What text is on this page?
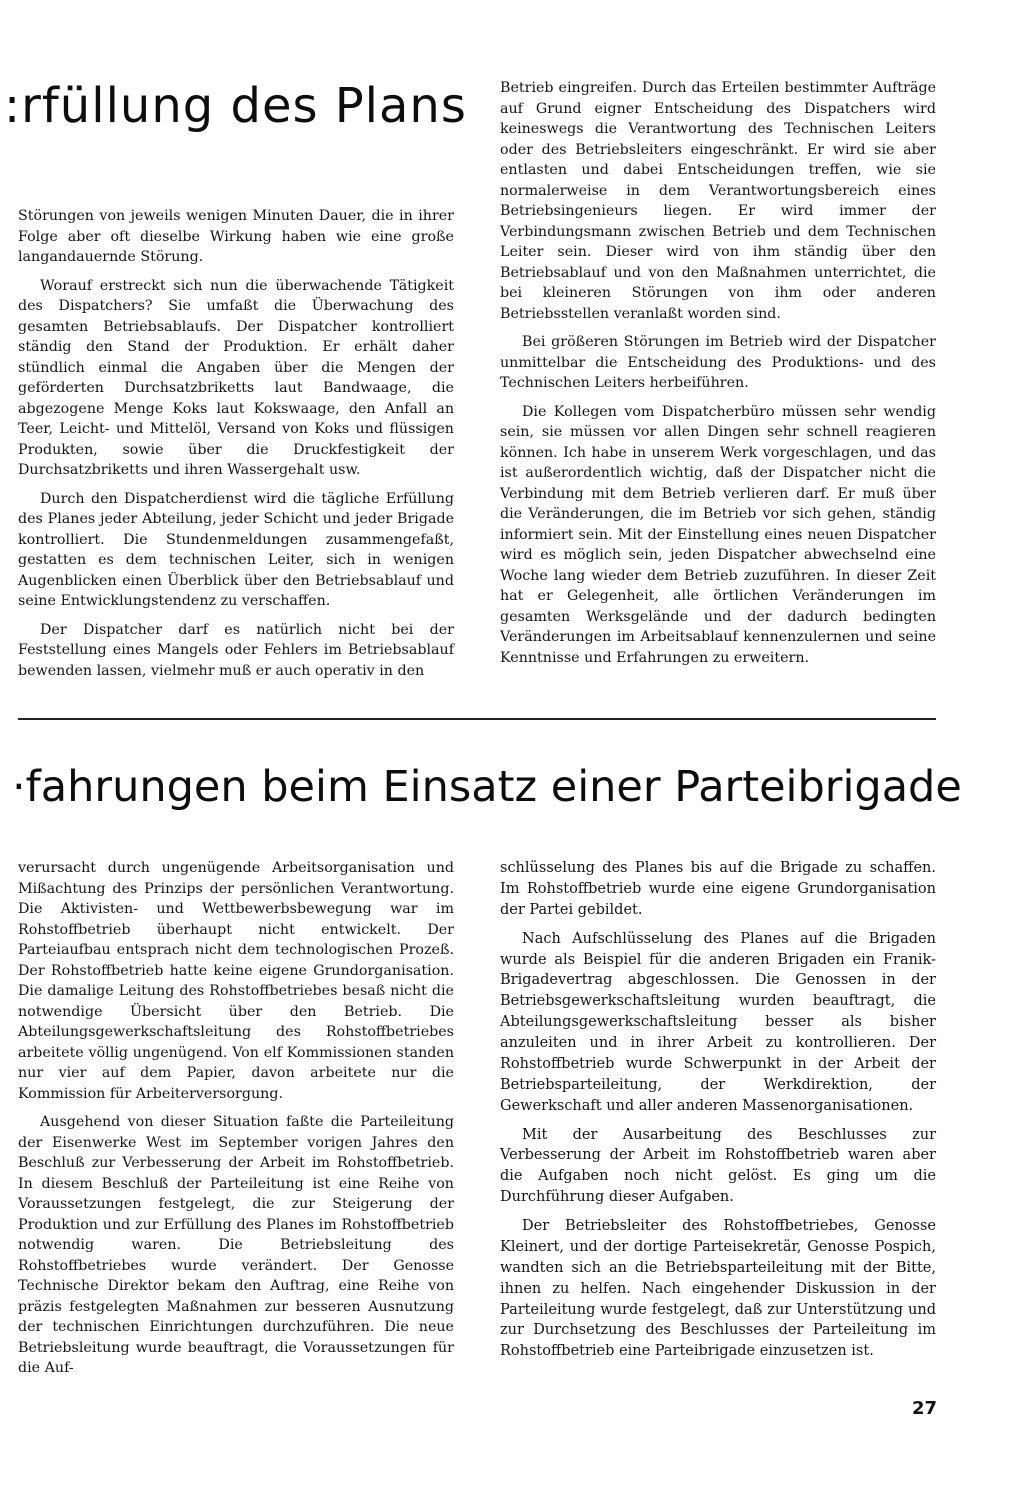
:rfüllung des Plans

Störungen von jeweils wenigen Minuten Dauer, die in ihrer Folge aber oft dieselbe Wirkung haben wie eine große langandauernde Störung.

Worauf erstreckt sich nun die überwachende Tätigkeit des Dispatchers? Sie umfaßt die Überwachung des gesamten Betriebsablaufs. Der Dispatcher kontrolliert ständig den Stand der Produktion. Er erhält daher stündlich einmal die Angaben über die Mengen der geförderten Durchsatzbriketts laut Bandwaage, die abgezogene Menge Koks laut Kokswaage, den Anfall an Teer, Leicht- und Mittelöl, Versand von Koks und flüssigen Produkten, sowie über die Druckfestigkeit der Durchsatzbriketts und ihren Wassergehalt usw.

Durch den Dispatcherdienst wird die tägliche Erfüllung des Planes jeder Abteilung, jeder Schicht und jeder Brigade kontrolliert. Die Stundenmeldungen zusammengefaßt, gestatten es dem technischen Leiter, sich in wenigen Augenblicken einen Überblick über den Betriebsablauf und seine Entwicklungstendenz zu verschaffen.

Der Dispatcher darf es natürlich nicht bei der Feststellung eines Mangels oder Fehlers im Betriebsablauf bewenden lassen, vielmehr muß er auch operativ in den

Betrieb eingreifen. Durch das Erteilen bestimmter Aufträge auf Grund eigner Entscheidung des Dispatchers wird keineswegs die Verantwortung des Technischen Leiters oder des Betriebsleiters eingeschränkt. Er wird sie aber entlasten und dabei Entscheidungen treffen, wie sie normalerweise in dem Verantwortungsbereich eines Betriebsingenieurs liegen. Er wird immer der Verbindungsmann zwischen Betrieb und dem Technischen Leiter sein. Dieser wird von ihm ständig über den Betriebsablauf und von den Maßnahmen unterrichtet, die bei kleineren Störungen von ihm oder anderen Betriebsstellen veranlaßt worden sind.

Bei größeren Störungen im Betrieb wird der Dispatcher unmittelbar die Entscheidung des Produktions- und des Technischen Leiters herbeiführen.

Die Kollegen vom Dispatcherbüro müssen sehr wendig sein, sie müssen vor allen Dingen sehr schnell reagieren können. Ich habe in unserem Werk vorgeschlagen, und das ist außerordentlich wichtig, daß der Dispatcher nicht die Verbindung mit dem Betrieb verlieren darf. Er muß über die Veränderungen, die im Betrieb vor sich gehen, ständig informiert sein. Mit der Einstellung eines neuen Dispatcher wird es möglich sein, jeden Dispatcher abwechselnd eine Woche lang wieder dem Betrieb zuzuführen. In dieser Zeit hat er Gelegenheit, alle örtlichen Veränderungen im gesamten Werksgelände und der dadurch bedingten Veränderungen im Arbeitsablauf kennenzulernen und seine Kenntnisse und Erfahrungen zu erweitern.

·fahrungen beim Einsatz einer Parteibrigade

verursacht durch ungenügende Arbeitsorganisation und Mißachtung des Prinzips der persönlichen Verantwortung. Die Aktivisten- und Wettbewerbsbewegung war im Rohstoffbetrieb überhaupt nicht entwickelt. Der Parteiaufbau entsprach nicht dem technologischen Prozeß. Der Rohstoffbetrieb hatte keine eigene Grundorganisation. Die damalige Leitung des Rohstoffbetriebes besaß nicht die notwendige Übersicht über den Betrieb. Die Abteilungsgewerkschaftsleitung des Rohstoffbetriebes arbeitete völlig ungenügend. Von elf Kommissionen standen nur vier auf dem Papier, davon arbeitete nur die Kommission für Arbeiterversorgung.

Ausgehend von dieser Situation faßte die Parteileitung der Eisenwerke West im September vorigen Jahres den Beschluß zur Verbesserung der Arbeit im Rohstoffbetrieb. In diesem Beschluß der Parteileitung ist eine Reihe von Voraussetzungen festgelegt, die zur Steigerung der Produktion und zur Erfüllung des Planes im Rohstoffbetrieb notwendig waren. Die Betriebsleitung des Rohstoffbetriebes wurde verändert. Der Genosse Technische Direktor bekam den Auftrag, eine Reihe von präzis festgelegten Maßnahmen zur besseren Ausnutzung der technischen Einrichtungen durchzuführen. Die neue Betriebsleitung wurde beauftragt, die Voraussetzungen für die Auf-

schlüsselung des Planes bis auf die Brigade zu schaffen. Im Rohstoffbetrieb wurde eine eigene Grundorganisation der Partei gebildet.

Nach Aufschlüsselung des Planes auf die Brigaden wurde als Beispiel für die anderen Brigaden ein Franik-Brigadevertrag abgeschlossen. Die Genossen in der Betriebsgewerkschaftsleitung wurden beauftragt, die Abteilungsgewerkschaftsleitung besser als bisher anzuleiten und in ihrer Arbeit zu kontrollieren. Der Rohstoffbetrieb wurde Schwerpunkt in der Arbeit der Betriebsparteileitung, der Werkdirektion, der Gewerkschaft und aller anderen Massenorganisationen.

Mit der Ausarbeitung des Beschlusses zur Verbesserung der Arbeit im Rohstoffbetrieb waren aber die Aufgaben noch nicht gelöst. Es ging um die Durchführung dieser Aufgaben.

Der Betriebsleiter des Rohstoffbetriebes, Genosse Kleinert, und der dortige Parteisekretär, Genosse Pospich, wandten sich an die Betriebsparteileitung mit der Bitte, ihnen zu helfen. Nach eingehender Diskussion in der Parteileitung wurde festgelegt, daß zur Unterstützung und zur Durchsetzung des Beschlusses der Parteileitung im Rohstoffbetrieb eine Parteibrigade einzusetzen ist.

27
